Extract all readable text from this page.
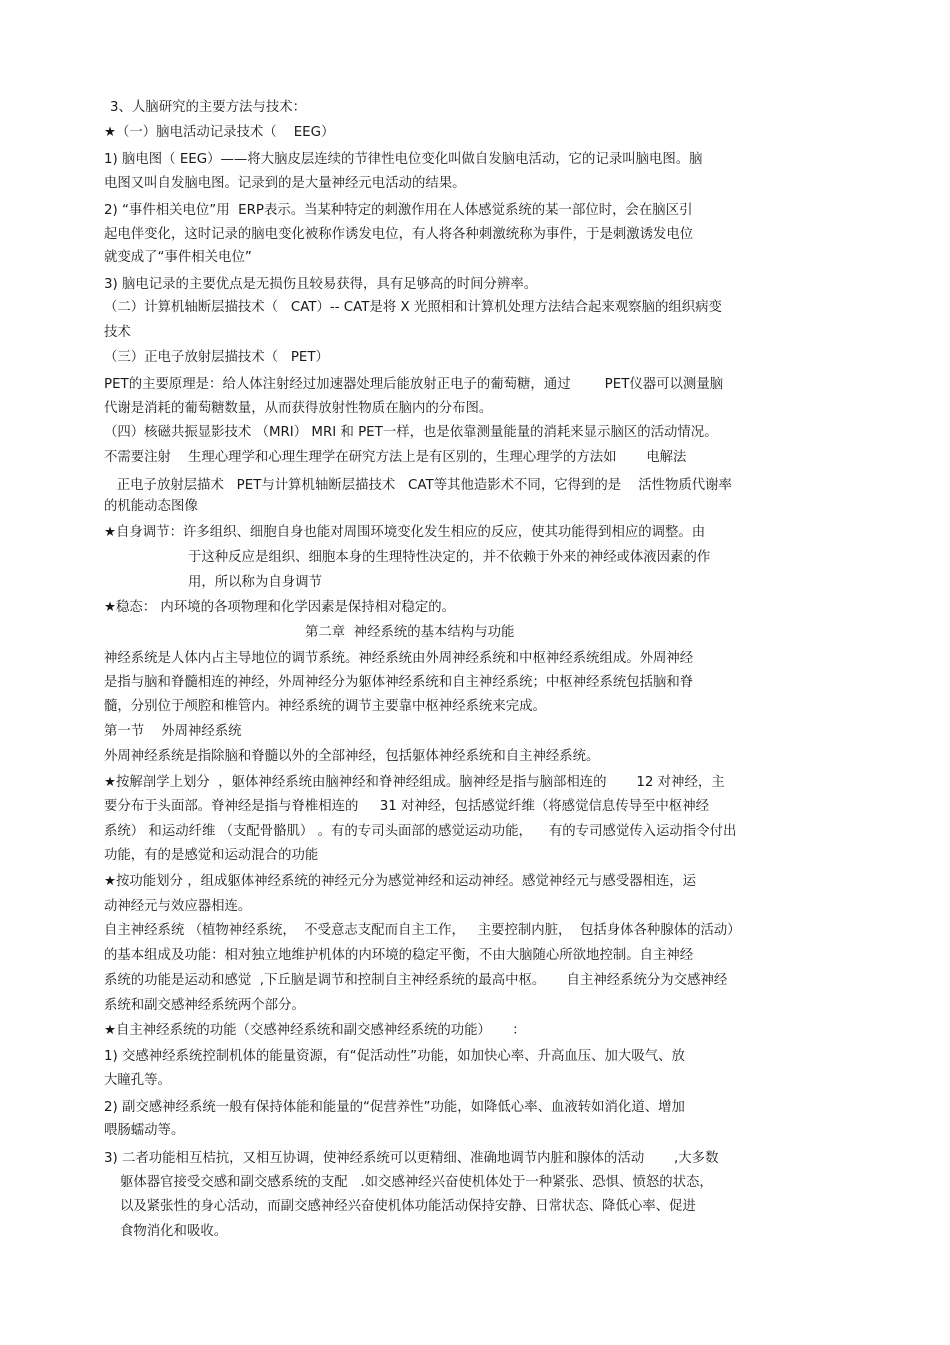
3、人脑研究的主要方法与技术：
★（一）脑电活动记录技术（    EEG）
1) 脑电图（ EEG）——将大脑皮层连续的节律性电位变化叫做自发脑电活动，它的记录叫脑电图。脑
电图又叫自发脑电图。记录到的是大量神经元电活动的结果。
2) “事件相关电位”用  ERP表示。当某种特定的刺激作用在人体感觉系统的某一部位时，会在脑区引
起电伴变化，这时记录的脑电变化被称作诱发电位，有人将各种刺激统称为事件，于是刺激诱发电位
就变成了“事件相关电位”
3) 脑电记录的主要优点是无损伤且较易获得，具有足够高的时间分辨率。
（二）计算机轴断层描技术（   CAT）-- CAT是将 X 光照相和计算机处理方法结合起来观察脑的组织病变
技术
（三）正电子放射层描技术（   PET）
PET的主要原理是：给人体注射经过加速器处理后能放射正电子的葡萄糖，通过        PET仪器可以测量脑
代谢是消耗的葡萄糖数量，从而获得放射性物质在脑内的分布图。
（四）核磁共振显影技术 （MRI） MRI 和 PET一样，也是依靠测量能量的消耗来显示脑区的活动情况。
不需要注射    生理心理学和心理生理学在研究方法上是有区别的，生理心理学的方法如       电解法
正电子放射层描术   PET与计算机轴断层描技术   CAT等其他造影术不同，它得到的是    活性物质代谢率
的机能动态图像
★自身调节：许多组织、细胞自身也能对周围环境变化发生相应的反应，使其功能得到相应的调整。由
于这种反应是组织、细胞本身的生理特性决定的，并不依赖于外来的神经或体液因素的作
用，所以称为自身调节
★稳态： 内环境的各项物理和化学因素是保持相对稳定的。
第二章  神经系统的基本结构与功能
神经系统是人体内占主导地位的调节系统。神经系统由外周神经系统和中枢神经系统组成。外周神经
是指与脑和脊髓相连的神经，外周神经分为躯体神经系统和自主神经系统；中枢神经系统包括脑和脊
髓，分别位于颅腔和椎管内。神经系统的调节主要靠中枢神经系统来完成。
第一节    外周神经系统
外周神经系统是指除脑和脊髓以外的全部神经，包括躯体神经系统和自主神经系统。
★按解剖学上划分  ，躯体神经系统由脑神经和脊神经组成。脑神经是指与脑部相连的       12 对神经，主
要分布于头面部。脊神经是指与脊椎相连的     31 对神经，包括感觉纤维（将感觉信息传导至中枢神经
系统） 和运动纤维 （支配骨骼肌） 。有的专司头面部的感觉运动功能，    有的专司感觉传入运动指令付出
功能，有的是感觉和运动混合的功能
★按功能划分 ，组成躯体神经系统的神经元分为感觉神经和运动神经。感觉神经元与感受器相连，运
动神经元与效应器相连。
自主神经系统 （植物神经系统，  不受意志支配而自主工作，   主要控制内脏，  包括身体各种腺体的活动）
的基本组成及功能：相对独立地维护机体的内环境的稳定平衡，不由大脑随心所欲地控制。自主神经
系统的功能是运动和感觉  ,下丘脑是调节和控制自主神经系统的最高中枢。     自主神经系统分为交感神经
系统和副交感神经系统两个部分。
★自主神经系统的功能（交感神经系统和副交感神经系统的功能）     ：
1) 交感神经系统控制机体的能量资源，有“促活动性”功能，如加快心率、升高血压、加大吸气、放
大瞳孔等。
2) 副交感神经系统一般有保持体能和能量的“促营养性”功能，如降低心率、血液转如消化道、增加
喂肠蠕动等。
3) 二者功能相互桔抗，又相互协调，使神经系统可以更精细、准确地调节内脏和腺体的活动       ,大多数
躯体器官接受交感和副交感系统的支配   .如交感神经兴奋使机体处于一种紧张、恐惧、愤怒的状态，
以及紧张性的身心活动，而副交感神经兴奋使机体功能活动保持安静、日常状态、降低心率、促进
食物消化和吸收。
